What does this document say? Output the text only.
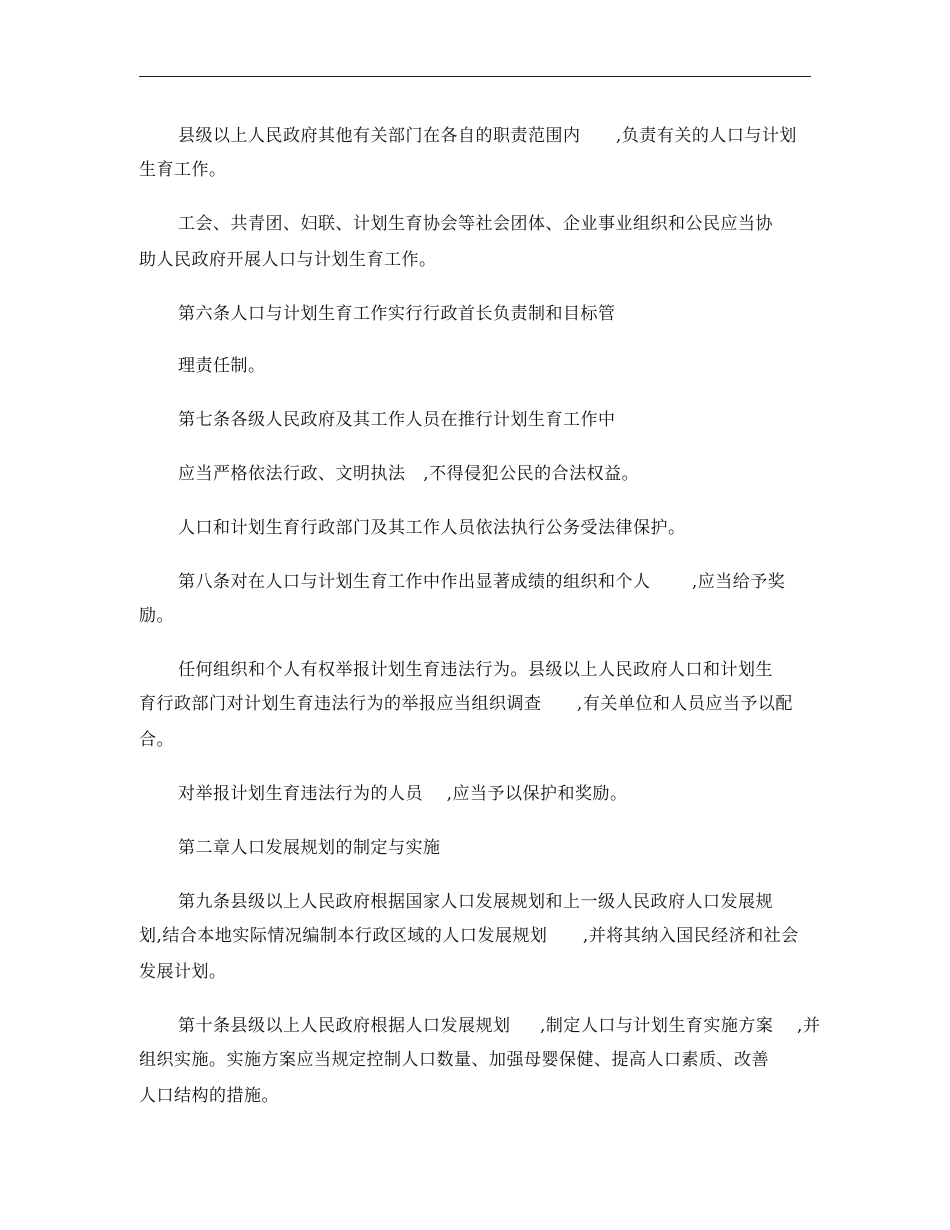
县级以上人民政府其他有关部门在各自的职责范围内      ,负责有关的人口与计划
生育工作。
工会、共青团、妇联、计划生育协会等社会团体、企业事业组织和公民应当协
助人民政府开展人口与计划生育工作。
第六条人口与计划生育工作实行行政首长负责制和目标管
理责任制。
第七条各级人民政府及其工作人员在推行计划生育工作中
应当严格依法行政、文明执法   ,不得侵犯公民的合法权益。
人口和计划生育行政部门及其工作人员依法执行公务受法律保护。
第八条对在人口与计划生育工作中作出显著成绩的组织和个人       ,应当给予奖
励。
任何组织和个人有权举报计划生育违法行为。县级以上人民政府人口和计划生
育行政部门对计划生育违法行为的举报应当组织调查      ,有关单位和人员应当予以配
合。
对举报计划生育违法行为的人员    ,应当予以保护和奖励。
第二章人口发展规划的制定与实施
第九条县级以上人民政府根据国家人口发展规划和上一级人民政府人口发展规
划,结合本地实际情况编制本行政区域的人口发展规划      ,并将其纳入国民经济和社会
发展计划。
第十条县级以上人民政府根据人口发展规划     ,制定人口与计划生育实施方案    ,并
组织实施。实施方案应当规定控制人口数量、加强母婴保健、提高人口素质、改善
人口结构的措施。
